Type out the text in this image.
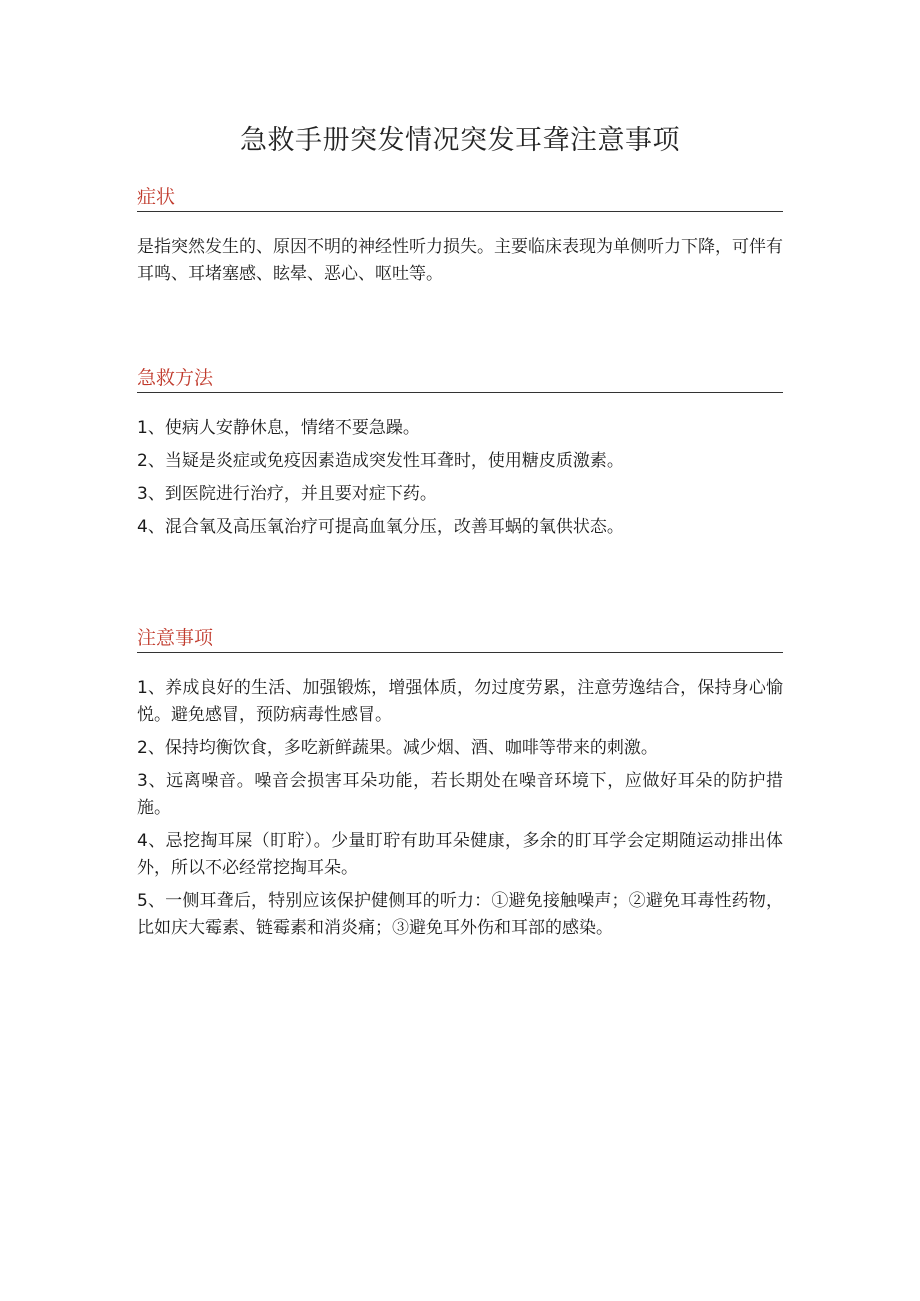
急救手册突发情况突发耳聋注意事项
症状

是指突然发生的、原因不明的神经性听力损失。主要临床表现为单侧听力下降，可伴有耳鸣、耳堵塞感、眩晕、恶心、呕吐等。

急救方法

1、使病人安静休息，情绪不要急躁。

2、当疑是炎症或免疫因素造成突发性耳聋时，使用糖皮质激素。

3、到医院进行治疗，并且要对症下药。

4、混合氧及高压氧治疗可提高血氧分压，改善耳蜗的氧供状态。

注意事项

1、养成良好的生活、加强锻炼，增强体质，勿过度劳累，注意劳逸结合，保持身心愉悦。避免感冒，预防病毒性感冒。

2、保持均衡饮食，多吃新鲜蔬果。减少烟、酒、咖啡等带来的刺激。

3、远离噪音。噪音会损害耳朵功能，若长期处在噪音环境下，应做好耳朵的防护措施。

4、忌挖掏耳屎（盯聍）。少量盯聍有助耳朵健康，多余的盯耳学会定期随运动排出体外，所以不必经常挖掏耳朵。

5、一侧耳聋后，特别应该保护健侧耳的听力：①避免接触噪声；②避免耳毒性药物，比如庆大霉素、链霉素和消炎痛；③避免耳外伤和耳部的感染。
